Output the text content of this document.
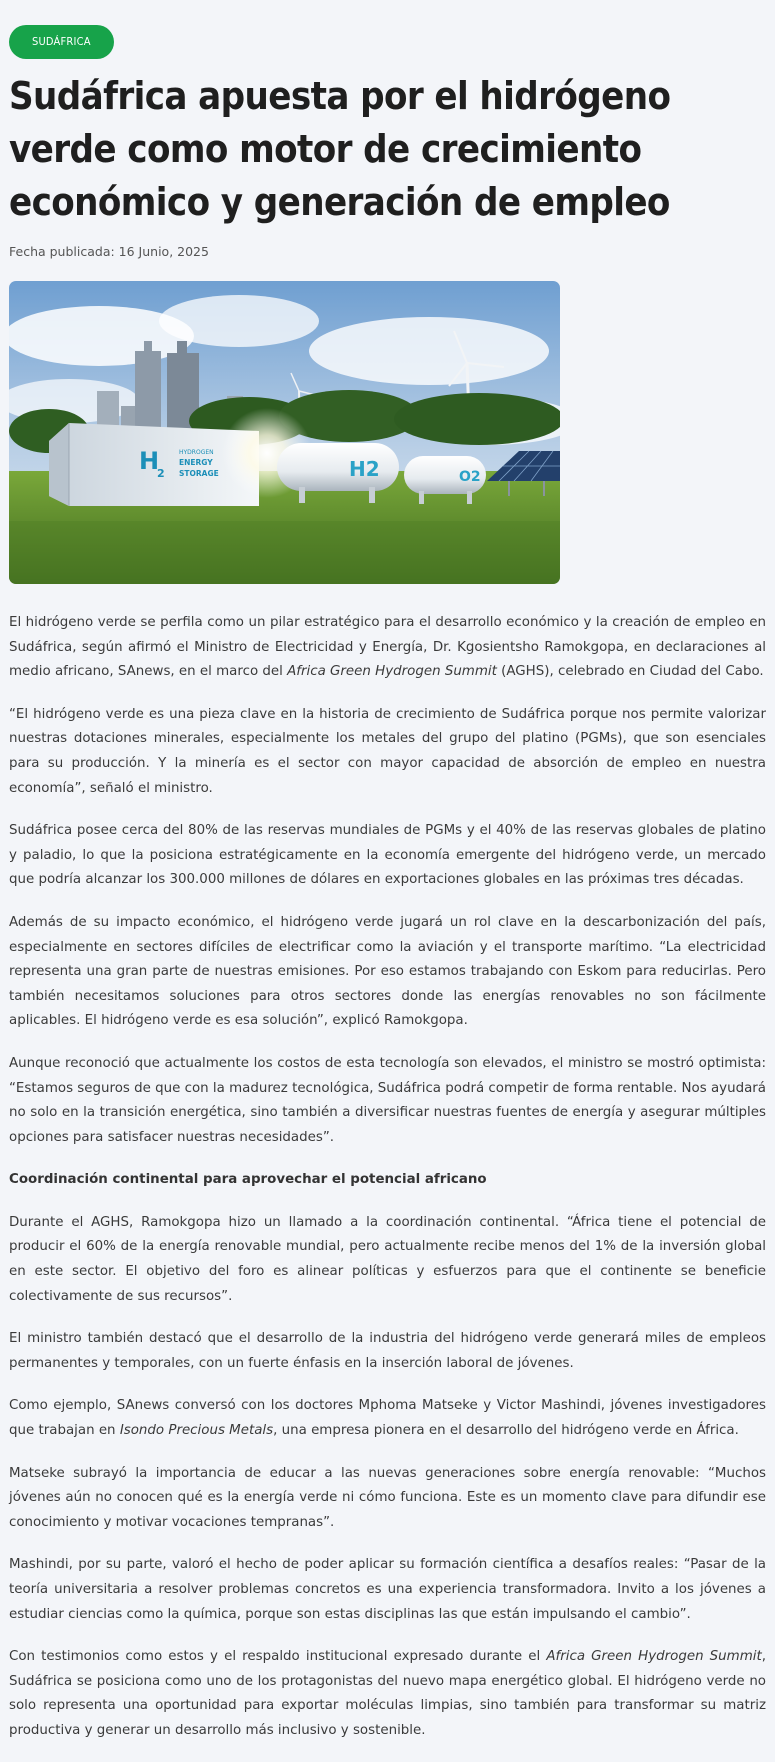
SUDÁFRICA
Sudáfrica apuesta por el hidrógeno verde como motor de crecimiento económico y generación de empleo
Fecha publicada: 16 Junio, 2025
H
2
HYDROGEN
ENERGY
STORAGE	H2	O2

El hidrógeno verde se perfila como un pilar estratégico para el desarrollo económico y la creación de empleo en Sudáfrica, según afirmó el Ministro de Electricidad y Energía, Dr. Kgosientsho Ramokgopa, en declaraciones al medio africano, SAnews, en el marco del Africa Green Hydrogen Summit (AGHS), celebrado en Ciudad del Cabo.

“El hidrógeno verde es una pieza clave en la historia de crecimiento de Sudáfrica porque nos permite valorizar nuestras dotaciones minerales, especialmente los metales del grupo del platino (PGMs), que son esenciales para su producción. Y la minería es el sector con mayor capacidad de absorción de empleo en nuestra economía”, señaló el ministro.

Sudáfrica posee cerca del 80% de las reservas mundiales de PGMs y el 40% de las reservas globales de platino y paladio, lo que la posiciona estratégicamente en la economía emergente del hidrógeno verde, un mercado que podría alcanzar los 300.000 millones de dólares en exportaciones globales en las próximas tres décadas.

Además de su impacto económico, el hidrógeno verde jugará un rol clave en la descarbonización del país, especialmente en sectores difíciles de electrificar como la aviación y el transporte marítimo. “La electricidad representa una gran parte de nuestras emisiones. Por eso estamos trabajando con Eskom para reducirlas. Pero también necesitamos soluciones para otros sectores donde las energías renovables no son fácilmente aplicables. El hidrógeno verde es esa solución”, explicó Ramokgopa.

Aunque reconoció que actualmente los costos de esta tecnología son elevados, el ministro se mostró optimista: “Estamos seguros de que con la madurez tecnológica, Sudáfrica podrá competir de forma rentable. Nos ayudará no solo en la transición energética, sino también a diversificar nuestras fuentes de energía y asegurar múltiples opciones para satisfacer nuestras necesidades”.

Coordinación continental para aprovechar el potencial africano

Durante el AGHS, Ramokgopa hizo un llamado a la coordinación continental. “África tiene el potencial de producir el 60% de la energía renovable mundial, pero actualmente recibe menos del 1% de la inversión global en este sector. El objetivo del foro es alinear políticas y esfuerzos para que el continente se beneficie colectivamente de sus recursos”.

El ministro también destacó que el desarrollo de la industria del hidrógeno verde generará miles de empleos permanentes y temporales, con un fuerte énfasis en la inserción laboral de jóvenes.

Como ejemplo, SAnews conversó con los doctores Mphoma Matseke y Victor Mashindi, jóvenes investigadores que trabajan en Isondo Precious Metals, una empresa pionera en el desarrollo del hidrógeno verde en África.

Matseke subrayó la importancia de educar a las nuevas generaciones sobre energía renovable: “Muchos jóvenes aún no conocen qué es la energía verde ni cómo funciona. Este es un momento clave para difundir ese conocimiento y motivar vocaciones tempranas”.

Mashindi, por su parte, valoró el hecho de poder aplicar su formación científica a desafíos reales: “Pasar de la teoría universitaria a resolver problemas concretos es una experiencia transformadora. Invito a los jóvenes a estudiar ciencias como la química, porque son estas disciplinas las que están impulsando el cambio”.

Con testimonios como estos y el respaldo institucional expresado durante el Africa Green Hydrogen Summit, Sudáfrica se posiciona como uno de los protagonistas del nuevo mapa energético global. El hidrógeno verde no solo representa una oportunidad para exportar moléculas limpias, sino también para transformar su matriz productiva y generar un desarrollo más inclusivo y sostenible.
